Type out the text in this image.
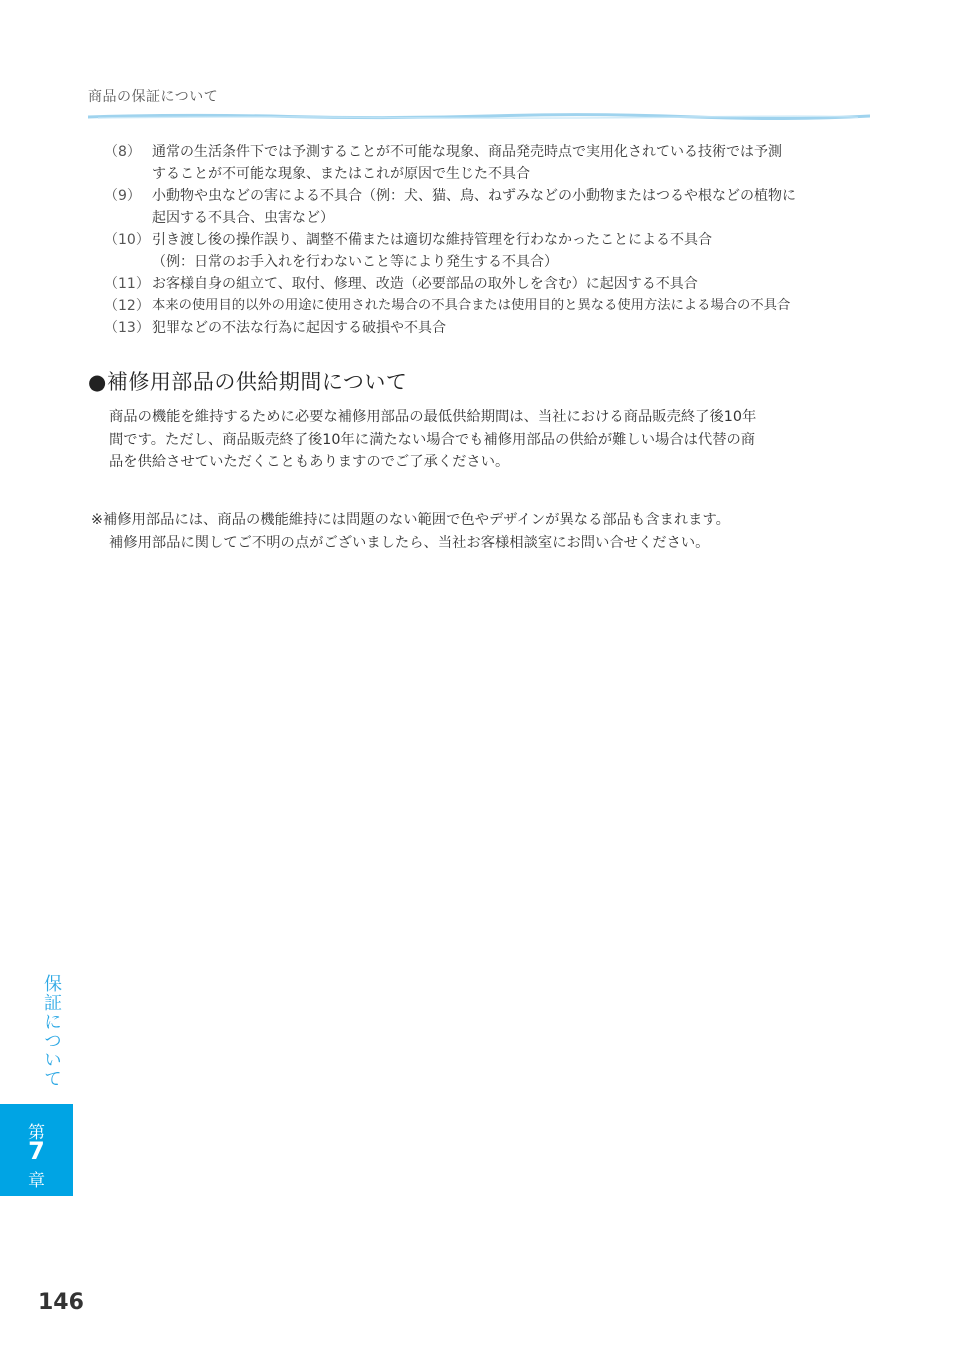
商品の保証について
（8） 通常の生活条件下では予測することが不可能な現象、商品発売時点で実用化されている技術では予測
することが不可能な現象、またはこれが原因で生じた不具合
（9） 小動物や虫などの害による不具合（例：犬、猫、鳥、ねずみなどの小動物またはつるや根などの植物に
起因する不具合、虫害など）
（10） 引き渡し後の操作誤り、調整不備または適切な維持管理を行わなかったことによる不具合
（例：日常のお手入れを行わないこと等により発生する不具合）
（11） お客様自身の組立て、取付、修理、改造（必要部品の取外しを含む）に起因する不具合
（12） 本来の使用目的以外の用途に使用された場合の不具合または使用目的と異なる使用方法による場合の不具合
（13） 犯罪などの不法な行為に起因する破損や不具合
●補修用部品の供給期間について
商品の機能を維持するために必要な補修用部品の最低供給期間は、当社における商品販売終了後10年
間です。ただし、商品販売終了後10年に満たない場合でも補修用部品の供給が難しい場合は代替の商
品を供給させていただくこともありますのでご了承ください。
※補修用部品には、商品の機能維持には問題のない範囲で色やデザインが異なる部品も含まれます。
補修用部品に関してご不明の点がございましたら、当社お客様相談室にお問い合せください。
保証について
第
7
章
146
